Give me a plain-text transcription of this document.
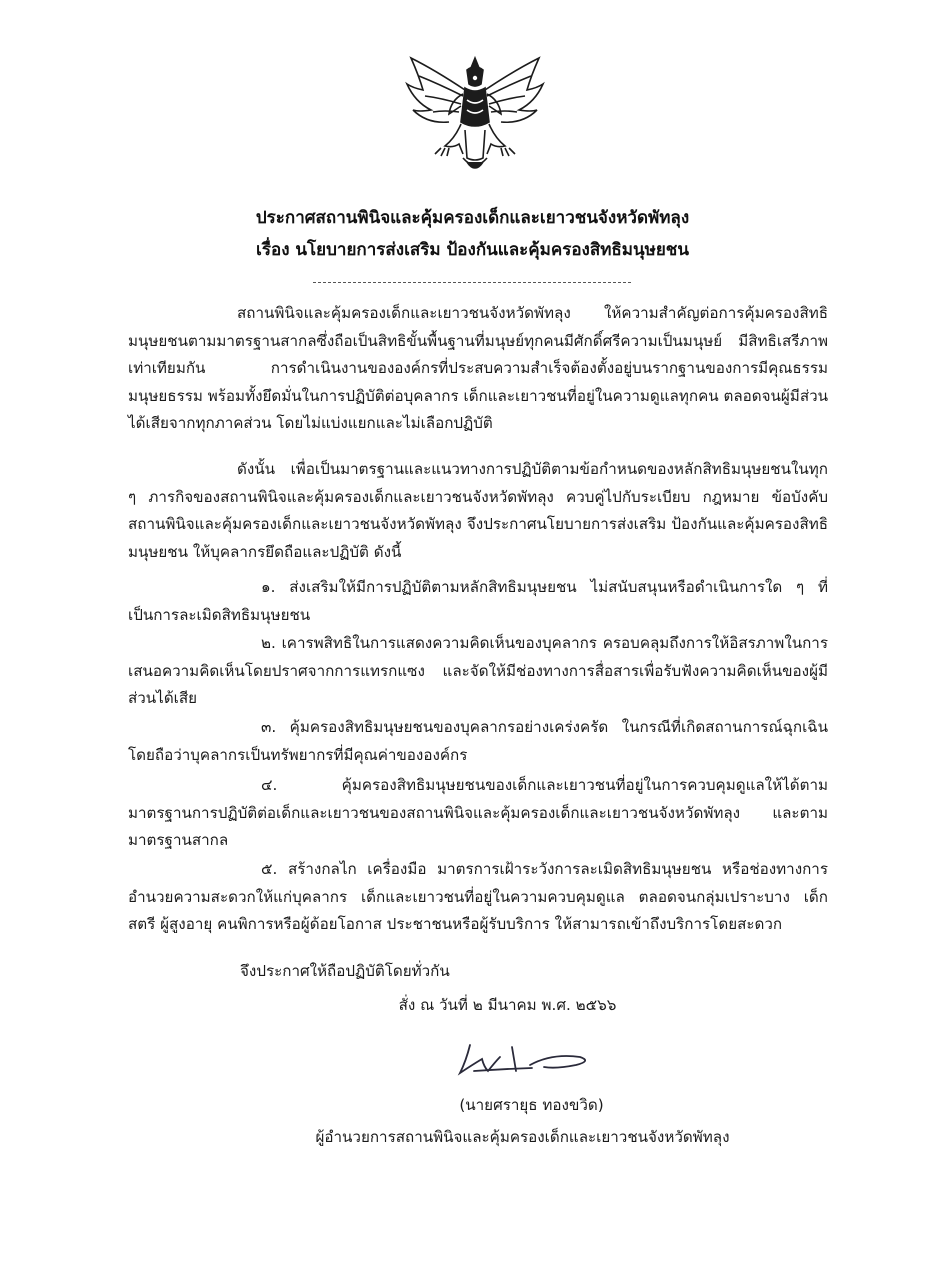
ประกาศสถานพินิจและคุ้มครองเด็กและเยาวชนจังหวัดพัทลุง
เรื่อง นโยบายการส่งเสริม ป้องกันและคุ้มครองสิทธิมนุษยชน

สถานพินิจและคุ้มครองเด็กและเยาวชนจังหวัดพัทลุง ให้ความสำคัญต่อการคุ้มครองสิทธิมนุษยชนตามมาตรฐานสากลซึ่งถือเป็นสิทธิขั้นพื้นฐานที่มนุษย์ทุกคนมีศักดิ์ศรีความเป็นมนุษย์ มีสิทธิเสรีภาพเท่าเทียมกัน การดำเนินงานขององค์กรที่ประสบความสำเร็จต้องตั้งอยู่บนรากฐานของการมีคุณธรรม มนุษยธรรม พร้อมทั้งยึดมั่นในการปฏิบัติต่อบุคลากร เด็กและเยาวชนที่อยู่ในความดูแลทุกคน ตลอดจนผู้มีส่วนได้เสียจากทุกภาคส่วน โดยไม่แบ่งแยกและไม่เลือกปฏิบัติ

ดังนั้น เพื่อเป็นมาตรฐานและแนวทางการปฏิบัติตามข้อกำหนดของหลักสิทธิมนุษยชนในทุก ๆ ภารกิจของสถานพินิจและคุ้มครองเด็กและเยาวชนจังหวัดพัทลุง ควบคู่ไปกับระเบียบ กฎหมาย ข้อบังคับ สถานพินิจและคุ้มครองเด็กและเยาวชนจังหวัดพัทลุง จึงประกาศนโยบายการส่งเสริม ป้องกันและคุ้มครองสิทธิมนุษยชน ให้บุคลากรยึดถือและปฏิบัติ ดังนี้

๑. ส่งเสริมให้มีการปฏิบัติตามหลักสิทธิมนุษยชน ไม่สนับสนุนหรือดำเนินการใด ๆ ที่เป็นการละเมิดสิทธิมนุษยชน

๒. เคารพสิทธิในการแสดงความคิดเห็นของบุคลากร ครอบคลุมถึงการให้อิสรภาพในการเสนอความคิดเห็นโดยปราศจากการแทรกแซง และจัดให้มีช่องทางการสื่อสารเพื่อรับฟังความคิดเห็นของผู้มีส่วนได้เสีย

๓. คุ้มครองสิทธิมนุษยชนของบุคลากรอย่างเคร่งครัด ในกรณีที่เกิดสถานการณ์ฉุกเฉินโดยถือว่าบุคลากรเป็นทรัพยากรที่มีคุณค่าขององค์กร

๔. คุ้มครองสิทธิมนุษยชนของเด็กและเยาวชนที่อยู่ในการควบคุมดูแลให้ได้ตามมาตรฐานการปฏิบัติต่อเด็กและเยาวชนของสถานพินิจและคุ้มครองเด็กและเยาวชนจังหวัดพัทลุง และตามมาตรฐานสากล

๕. สร้างกลไก เครื่องมือ มาตรการเฝ้าระวังการละเมิดสิทธิมนุษยชน หรือช่องทางการอำนวยความสะดวกให้แก่บุคลากร เด็กและเยาวชนที่อยู่ในความควบคุมดูแล ตลอดจนกลุ่มเปราะบาง เด็ก สตรี ผู้สูงอายุ คนพิการหรือผู้ด้อยโอกาส ประชาชนหรือผู้รับบริการ ให้สามารถเข้าถึงบริการโดยสะดวก

จึงประกาศให้ถือปฏิบัติโดยทั่วกัน
สั่ง ณ วันที่ ๒ มีนาคม พ.ศ. ๒๕๖๖
(นายศรายุธ ทองขวิด)
ผู้อำนวยการสถานพินิจและคุ้มครองเด็กและเยาวชนจังหวัดพัทลุง
